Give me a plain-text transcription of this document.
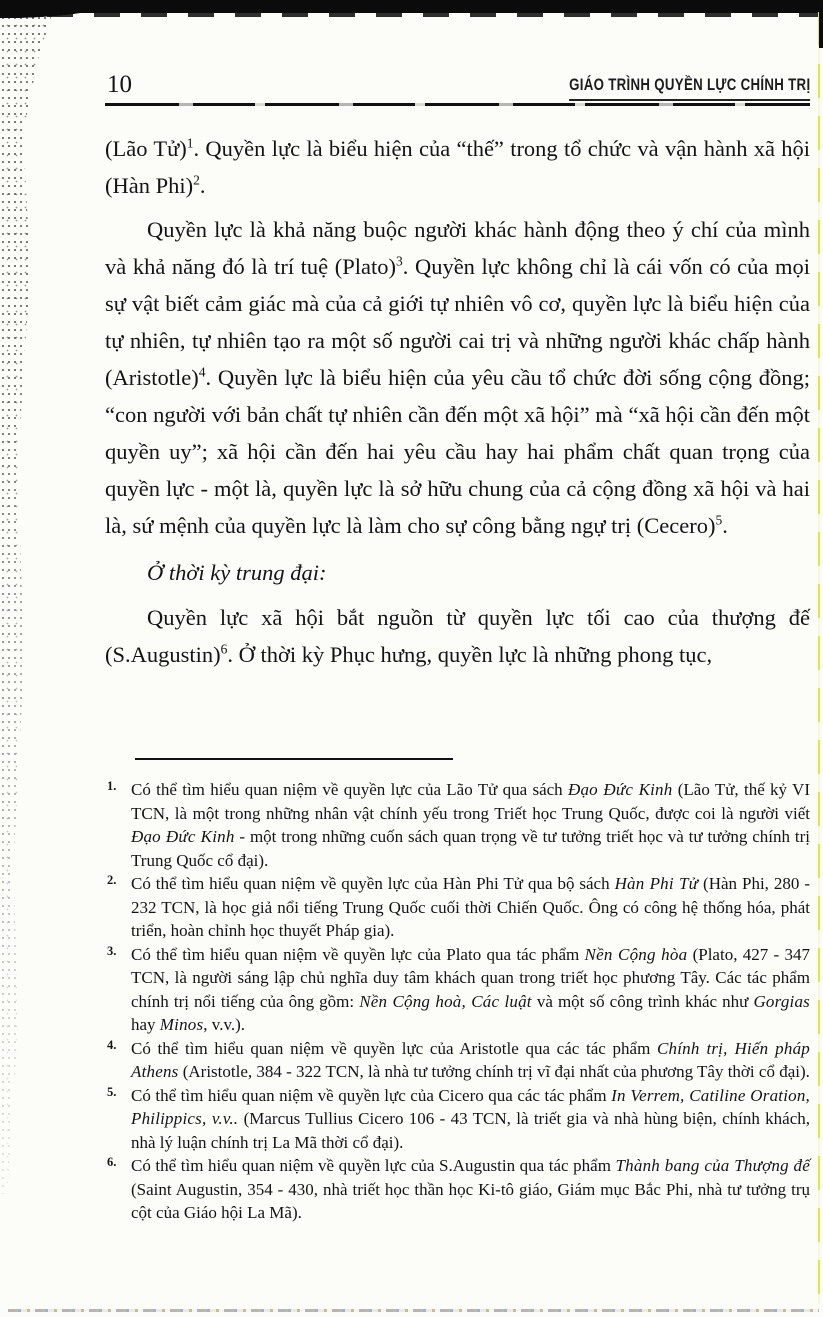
10	GIÁO TRÌNH QUYỀN LỰC CHÍNH TRỊ

(Lão Tử)$^1$. Quyền lực là biểu hiện của “thế” trong tổ chức và vận hành xã hội (Hàn Phi)$^2$.

Quyền lực là khả năng buộc người khác hành động theo ý chí của mình và khả năng đó là trí tuệ (Plato)$^3$. Quyền lực không chỉ là cái vốn có của mọi sự vật biết cảm giác mà của cả giới tự nhiên vô cơ, quyền lực là biểu hiện của tự nhiên, tự nhiên tạo ra một số người cai trị và những người khác chấp hành (Aristotle)$^4$. Quyền lực là biểu hiện của yêu cầu tổ chức đời sống cộng đồng; “con người với bản chất tự nhiên cần đến một xã hội” mà “xã hội cần đến một quyền uy”; xã hội cần đến hai yêu cầu hay hai phẩm chất quan trọng của quyền lực - một là, quyền lực là sở hữu chung của cả cộng đồng xã hội và hai là, sứ mệnh của quyền lực là làm cho sự công bằng ngự trị (Cecero)$^5$.

Ở thời kỳ trung đại:

Quyền lực xã hội bắt nguồn từ quyền lực tối cao của thượng đế (S.Augustin)$^6$. Ở thời kỳ Phục hưng, quyền lực là những phong tục,

1. Có thể tìm hiểu quan niệm về quyền lực của Lão Tử qua sách Đạo Đức Kinh (Lão Tử, thế kỷ VI TCN, là một trong những nhân vật chính yếu trong Triết học Trung Quốc, được coi là người viết Đạo Đức Kinh - một trong những cuốn sách quan trọng về tư tưởng triết học và tư tưởng chính trị Trung Quốc cổ đại).
2. Có thể tìm hiểu quan niệm về quyền lực của Hàn Phi Tử qua bộ sách Hàn Phi Tử (Hàn Phi, 280 - 232 TCN, là học giả nổi tiếng Trung Quốc cuối thời Chiến Quốc. Ông có công hệ thống hóa, phát triển, hoàn chỉnh học thuyết Pháp gia).
3. Có thể tìm hiểu quan niệm về quyền lực của Plato qua tác phẩm Nền Cộng hòa (Plato, 427 - 347 TCN, là người sáng lập chủ nghĩa duy tâm khách quan trong triết học phương Tây. Các tác phẩm chính trị nổi tiếng của ông gồm: Nền Cộng hoà, Các luật và một số công trình khác như Gorgias hay Minos, v.v.).
4. Có thể tìm hiểu quan niệm về quyền lực của Aristotle qua các tác phẩm Chính trị, Hiến pháp Athens (Aristotle, 384 - 322 TCN, là nhà tư tưởng chính trị vĩ đại nhất của phương Tây thời cổ đại).
5. Có thể tìm hiểu quan niệm về quyền lực của Cicero qua các tác phẩm In Verrem, Catiline Oration, Philippics, v.v.. (Marcus Tullius Cicero 106 - 43 TCN, là triết gia và nhà hùng biện, chính khách, nhà lý luận chính trị La Mã thời cổ đại).
6. Có thể tìm hiểu quan niệm về quyền lực của S.Augustin qua tác phẩm Thành bang của Thượng đế (Saint Augustin, 354 - 430, nhà triết học thần học Ki-tô giáo, Giám mục Bắc Phi, nhà tư tưởng trụ cột của Giáo hội La Mã).
